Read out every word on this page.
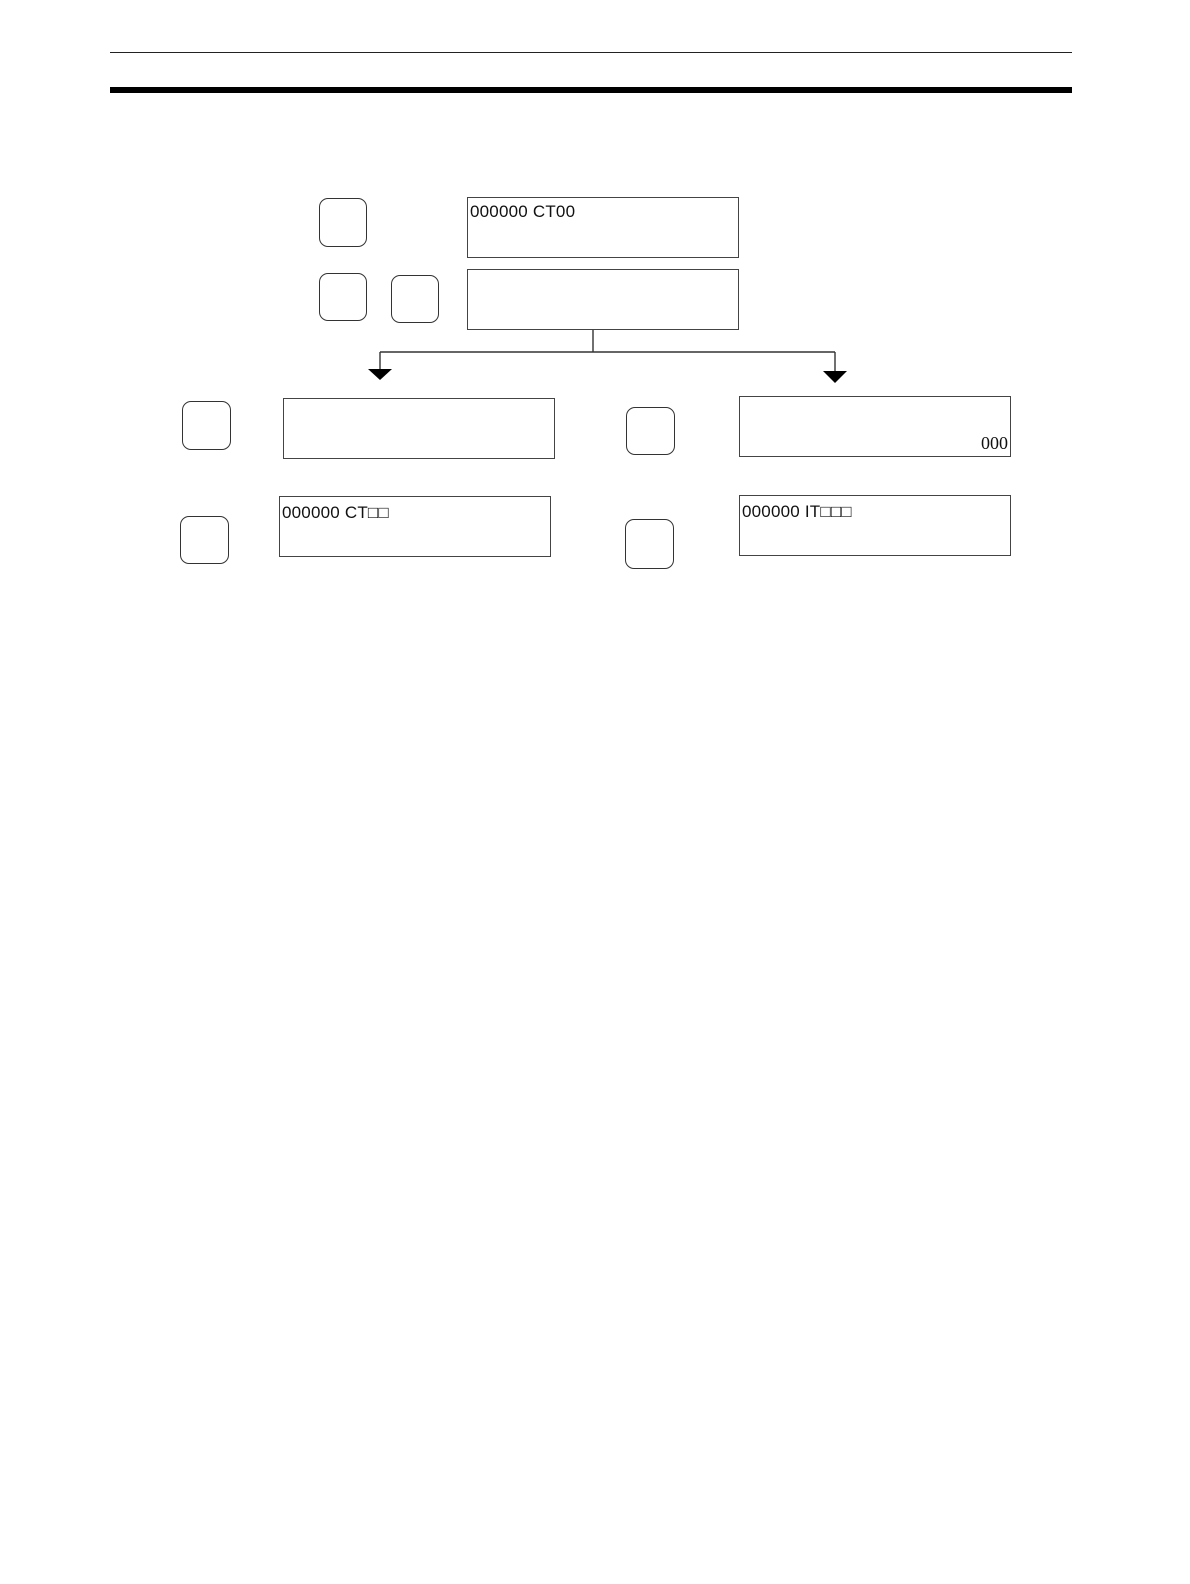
000000 CT00
000000 CT□□
000
000000 IT□□□
